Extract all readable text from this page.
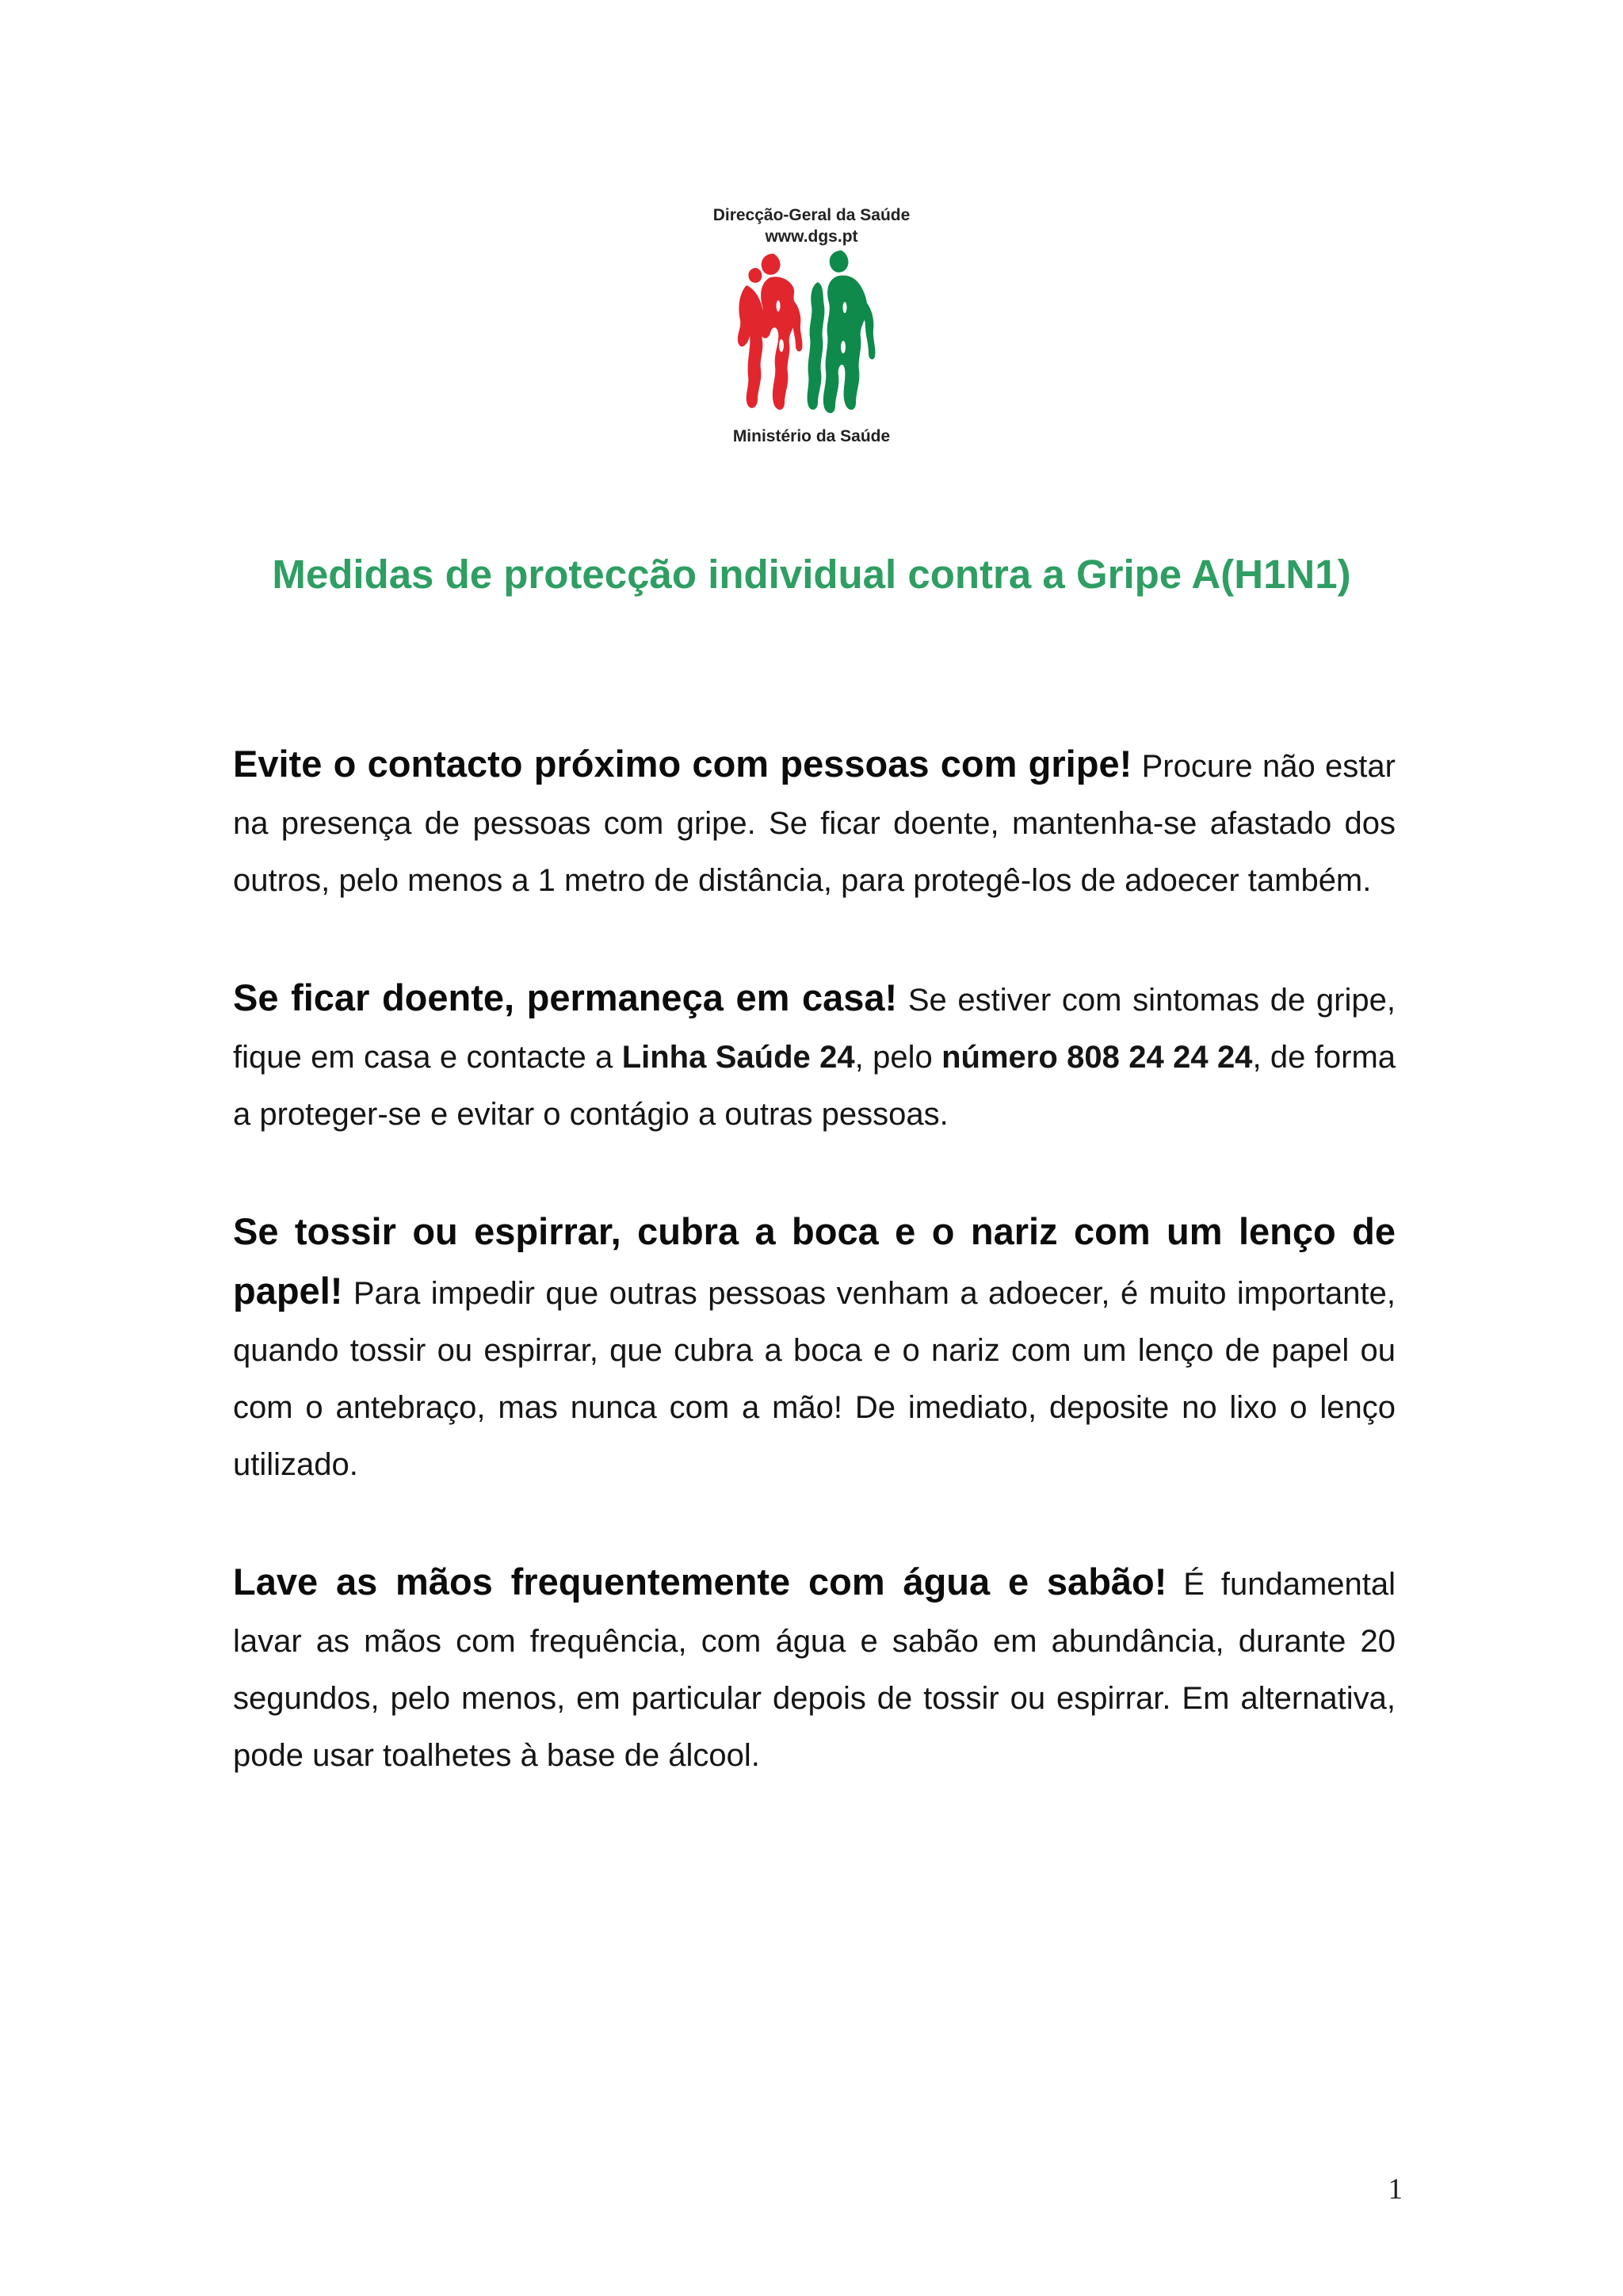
Direcção-Geral da Saúde
www.dgs.pt
Ministério da Saúde
Medidas de protecção individual contra a Gripe A(H1N1)

Evite o contacto próximo com pessoas com gripe! Procure não estar na presença de pessoas com gripe. Se ficar doente, mantenha-se afastado dos outros, pelo menos a 1 metro de distância, para protegê-los de adoecer também.

Se ficar doente, permaneça em casa! Se estiver com sintomas de gripe, fique em casa e contacte a Linha Saúde 24, pelo número 808 24 24 24, de forma a proteger-se e evitar o contágio a outras pessoas.

Se tossir ou espirrar, cubra a boca e o nariz com um lenço de papel! Para impedir que outras pessoas venham a adoecer, é muito importante, quando tossir ou espirrar, que cubra a boca e o nariz com um lenço de papel ou com o antebraço, mas nunca com a mão! De imediato, deposite no lixo o lenço utilizado.

Lave as mãos frequentemente com água e sabão! É fundamental lavar as mãos com frequência, com água e sabão em abundância, durante 20 segundos, pelo menos, em particular depois de tossir ou espirrar. Em alternativa, pode usar toalhetes à base de álcool.

1
